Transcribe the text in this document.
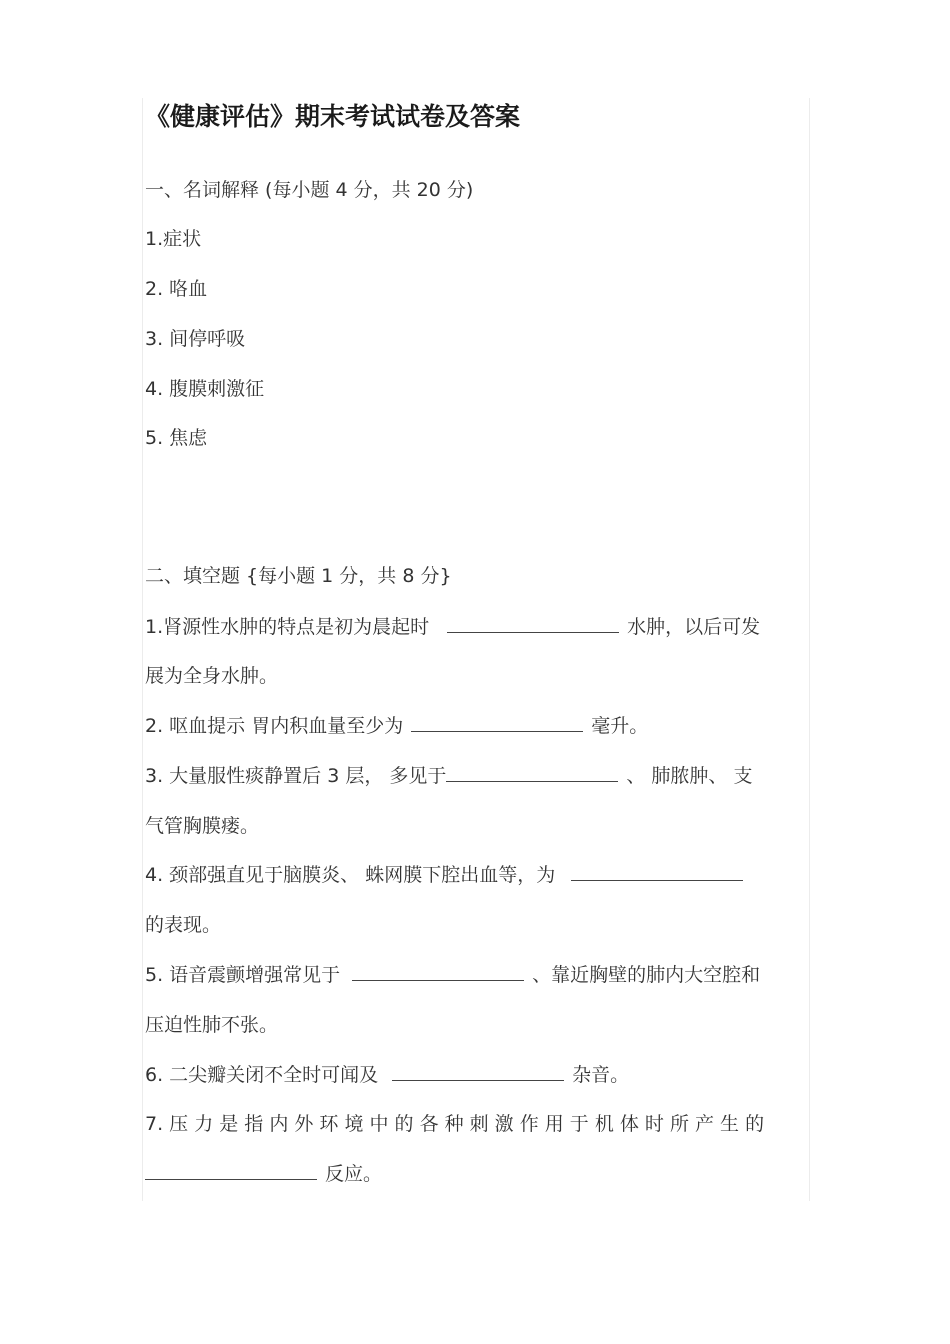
《健康评估》期末考试试卷及答案
一、名词解释 (每小题 4 分，共 20 分)
1.症状
2. 咯血
3. 间停呼吸
4. 腹膜刺激征
5. 焦虑
二、填空题 {每小题 1 分，共 8 分}
1.肾源性水肿的特点是初为晨起时	水肿，以后可发
展为全身水肿。
2. 呕血提示 胃内积血量至少为	毫升。
3. 大量服性痰静置后 3 层， 多见于	、 肺脓肿、 支
气管胸膜瘘。
4. 颈部强直见于脑膜炎、 蛛网膜下腔出血等，为
的表现。
5. 语音震颤增强常见于	、靠近胸壁的肺内大空腔和
压迫性肺不张。
6. 二尖瓣关闭不全时可闻及	杂音。
7. 压 力 是 指 内 外 环 境 中 的 各 种 刺 激 作 用 于 机 体 时 所 产 生 的
反应。
